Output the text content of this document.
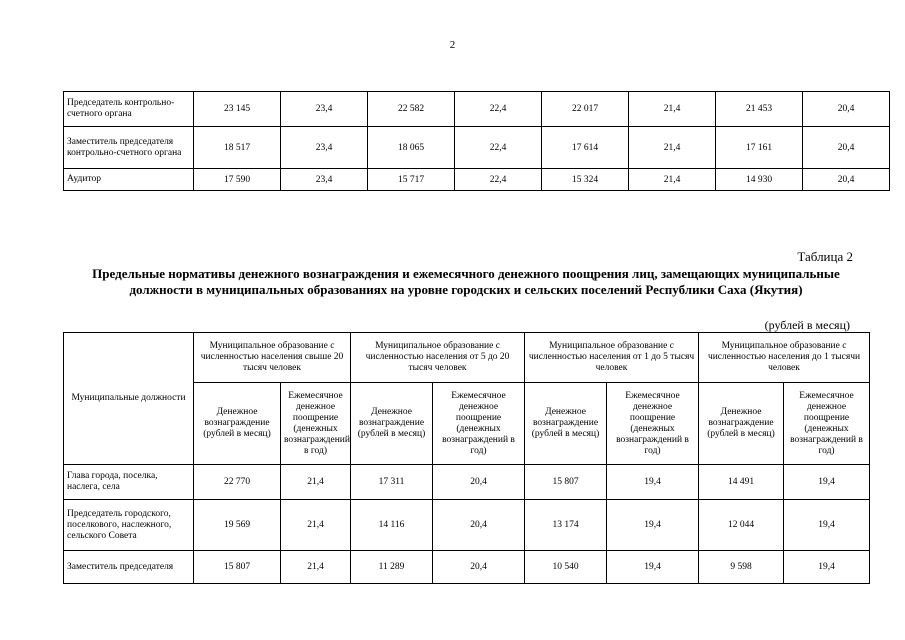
2
Председатель контрольно-счетного органа	23 145	23,4	22 582	22,4	22 017	21,4	21 453	20,4
Заместитель председателя контрольно-счетного органа	18 517	23,4	18 065	22,4	17 614	21,4	17 161	20,4
Аудитор	17 590	23,4	15 717	22,4	15 324	21,4	14 930	20,4
Таблица 2
Предельные нормативы денежного вознаграждения и ежемесячного денежного поощрения лиц, замещающих муниципальные должности в муниципальных образованиях на уровне городских и сельских поселений Республики Саха (Якутия)
(рублей в месяц)
Муниципальные должности	Муниципальное образование с численностью населения свыше 20 тысяч человек		Муниципальное образование с численностью населения от 5 до 20 тысяч человек		Муниципальное образование с численностью населения от 1 до 5 тысяч человек		Муниципальное образование с численностью населения до 1 тысячи человек	
	Денежное вознаграждение (рублей в месяц)	Ежемесячное денежное поощрение (денежных вознаграждений в год)	Денежное вознаграждение (рублей в месяц)	Ежемесячное денежное поощрение (денежных вознаграждений в год)	Денежное вознаграждение (рублей в месяц)	Ежемесячное денежное поощрение (денежных вознаграждений в год)	Денежное вознаграждение (рублей в месяц)	Ежемесячное денежное поощрение (денежных вознаграждений в год)
Глава города, поселка, наслега, села	22 770	21,4	17 311	20,4	15 807	19,4	14 491	19,4
Председатель городского, поселкового, наслежного, сельского Совета	19 569	21,4	14 116	20,4	13 174	19,4	12 044	19,4
Заместитель председателя	15 807	21,4	11 289	20,4	10 540	19,4	9 598	19,4
